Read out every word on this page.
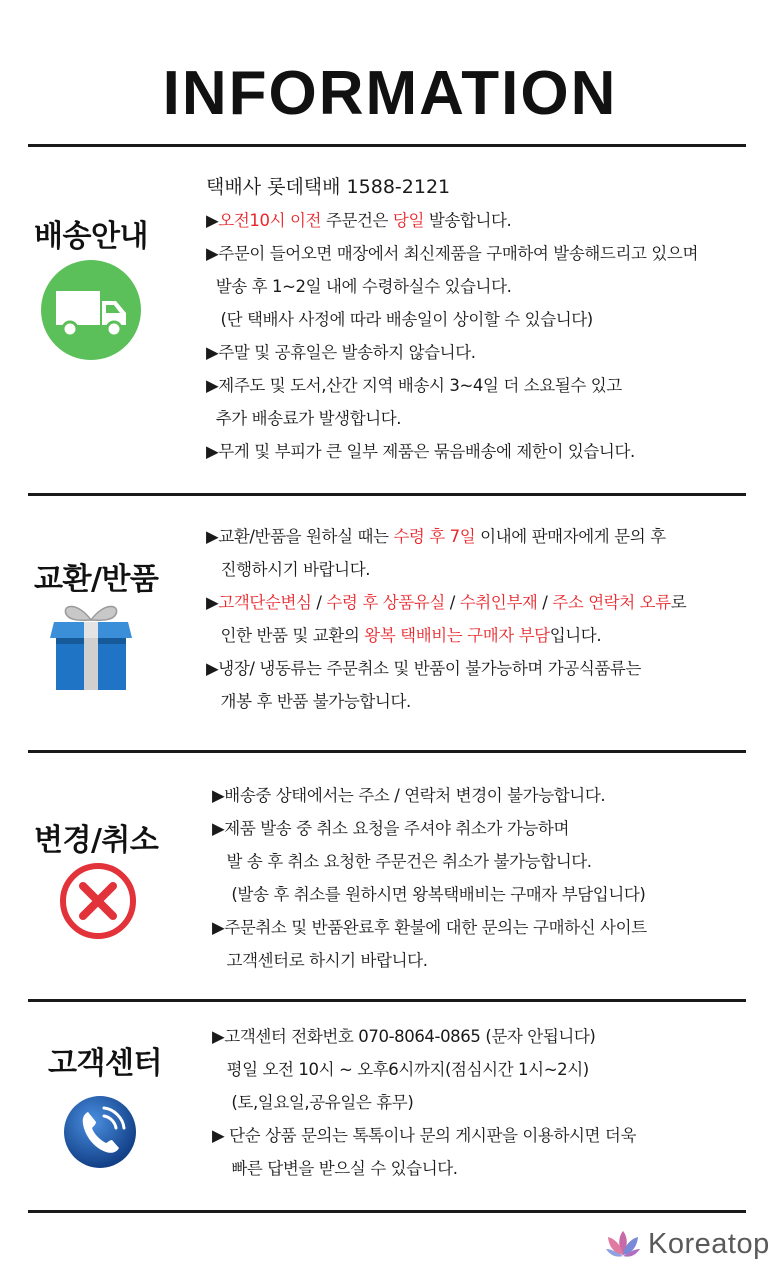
INFORMATION
배송안내
택배사 롯데택배 1588-2121
▶오전10시 이전 주문건은 당일 발송합니다.
▶주문이 들어오면 매장에서 최신제품을 구매하여 발송해드리고 있으며
발송 후 1~2일 내에 수령하실수 있습니다.
(단 택배사 사정에 따라 배송일이 상이할 수 있습니다)
▶주말 및 공휴일은 발송하지 않습니다.
▶제주도 및 도서,산간 지역 배송시 3~4일 더 소요될수 있고
추가 배송료가 발생합니다.
▶무게 및 부피가 큰 일부 제품은 묶음배송에 제한이 있습니다.
교환/반품
▶교환/반품을 원하실 때는 수령 후 7일 이내에 판매자에게 문의 후
진행하시기 바랍니다.
▶고객단순변심 / 수령 후 상품유실 / 수취인부재 / 주소 연락처 오류로
인한 반품 및 교환의 왕복 택배비는 구매자 부담입니다.
▶냉장/ 냉동류는 주문취소 및 반품이 불가능하며 가공식품류는
개봉 후 반품 불가능합니다.
변경/취소
▶배송중 상태에서는 주소 / 연락처 변경이 불가능합니다.
▶제품 발송 중 취소 요청을 주셔야 취소가 가능하며
발 송 후 취소 요청한 주문건은 취소가 불가능합니다.
(발송 후 취소를 원하시면 왕복택배비는 구매자 부담입니다)
▶주문취소 및 반품완료후 환불에 대한 문의는 구매하신 사이트
고객센터로 하시기 바랍니다.
고객센터
▶고객센터 전화번호 070-8064-0865 (문자 안됩니다)
평일 오전 10시 ~ 오후6시까지(점심시간 1시~2시)
(토,일요일,공유일은 휴무)
▶ 단순 상품 문의는 톡톡이나 문의 게시판을 이용하시면 더욱
빠른 답변을 받으실 수 있습니다.
Koreatop
